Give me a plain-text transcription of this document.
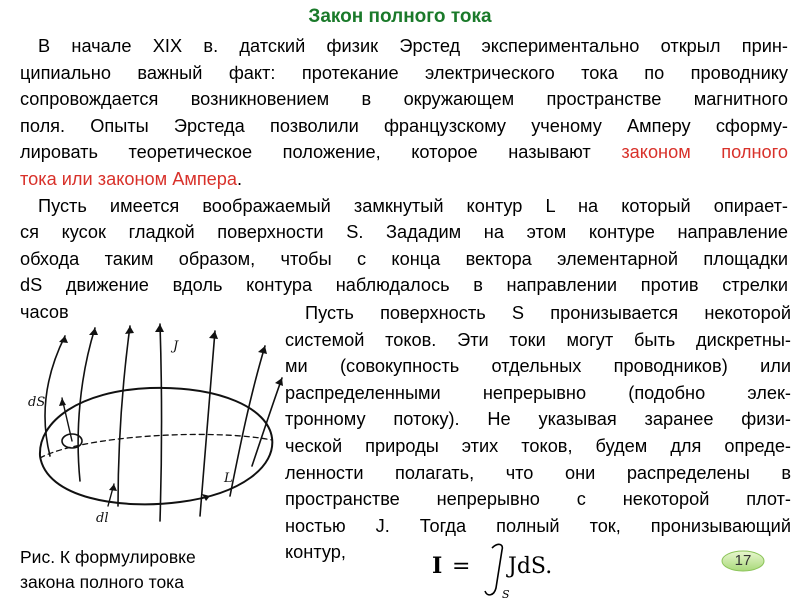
Закон полного тока
В начале XIX в. датский физик Эрстед экспериментально открыл прин-
ципиально важный факт: протекание электрического тока по проводнику
сопровождается возникновением в окружающем пространстве магнитного
поля. Опыты Эрстеда позволили французскому ученому Амперу сформу-
лировать теоретическое положение, которое называют законом полного
тока или законом Ампера.
Пусть имеется воображаемый замкнутый контур L на который опирает-
ся кусок гладкой поверхности S. Зададим на этом контуре направление
обхода таким образом, чтобы с конца вектора элементарной площадки
dS движение вдоль контура наблюдалось в направлении против стрелки
часов	Пусть поверхность S пронизывается некоторой
системой токов. Эти токи могут быть дискретны-
ми (совокупность отдельных проводников) или
распределенными непрерывно (подобно элек-
тронному потоку). Не указывая заранее физи-
ческой природы этих токов, будем для опреде-
ленности полагать, что они распределены в
пространстве непрерывно с некоторой плот-
ностью J. Тогда полный ток, пронизывающий
контур,
J
dS
dl
L
Рис. К формулировке
закона полного тока
I = JdS.
S
17
